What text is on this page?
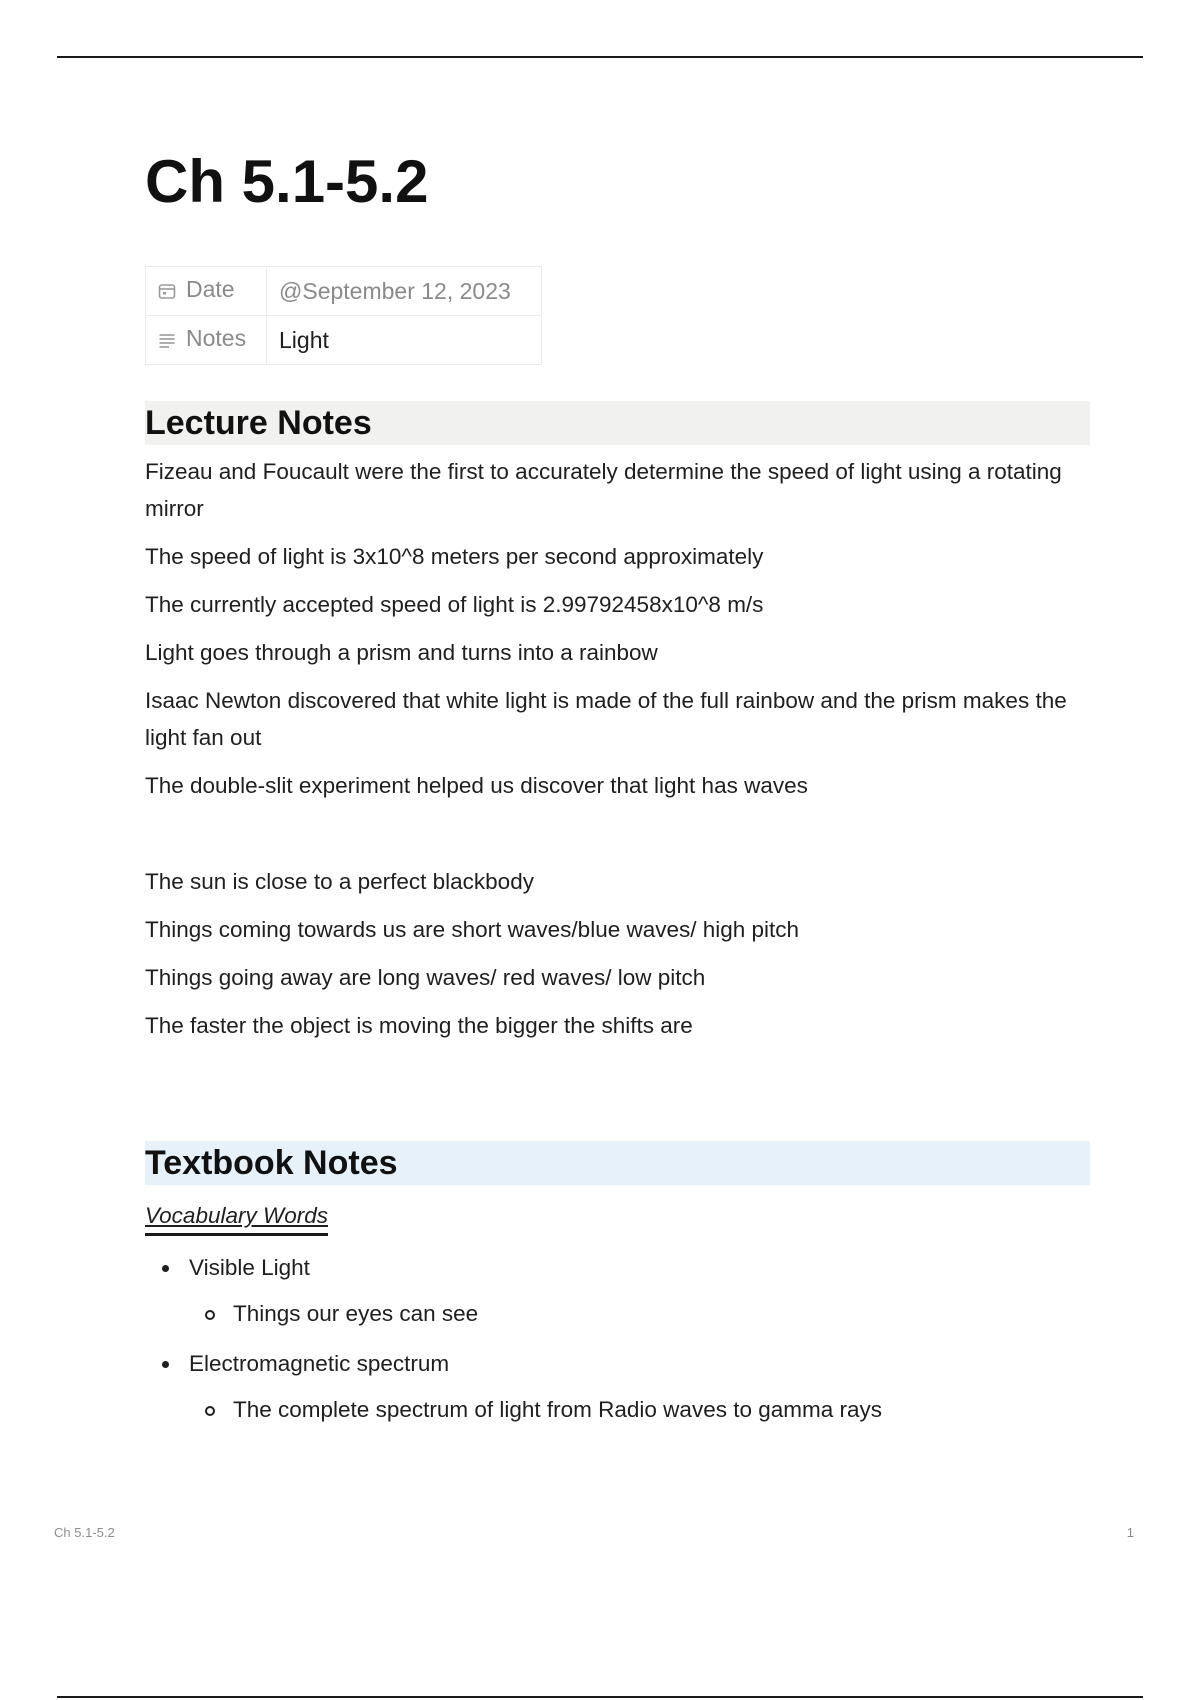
Ch 5.1-5.2
Date	@September 12, 2023
Notes	Light
Lecture Notes

Fizeau and Foucault were the first to accurately determine the speed of light using a rotating mirror

The speed of light is 3x10^8 meters per second approximately

The currently accepted speed of light is 2.99792458x10^8 m/s

Light goes through a prism and turns into a rainbow

Isaac Newton discovered that white light is made of the full rainbow and the prism makes the light fan out

The double-slit experiment helped us discover that light has waves

The sun is close to a perfect blackbody

Things coming towards us are short waves/blue waves/ high pitch

Things going away are long waves/ red waves/ low pitch

The faster the object is moving the bigger the shifts are

Textbook Notes
Vocabulary Words
Visible Light
Things our eyes can see
Electromagnetic spectrum
The complete spectrum of light from Radio waves to gamma rays
Ch 5.1-5.2	1
